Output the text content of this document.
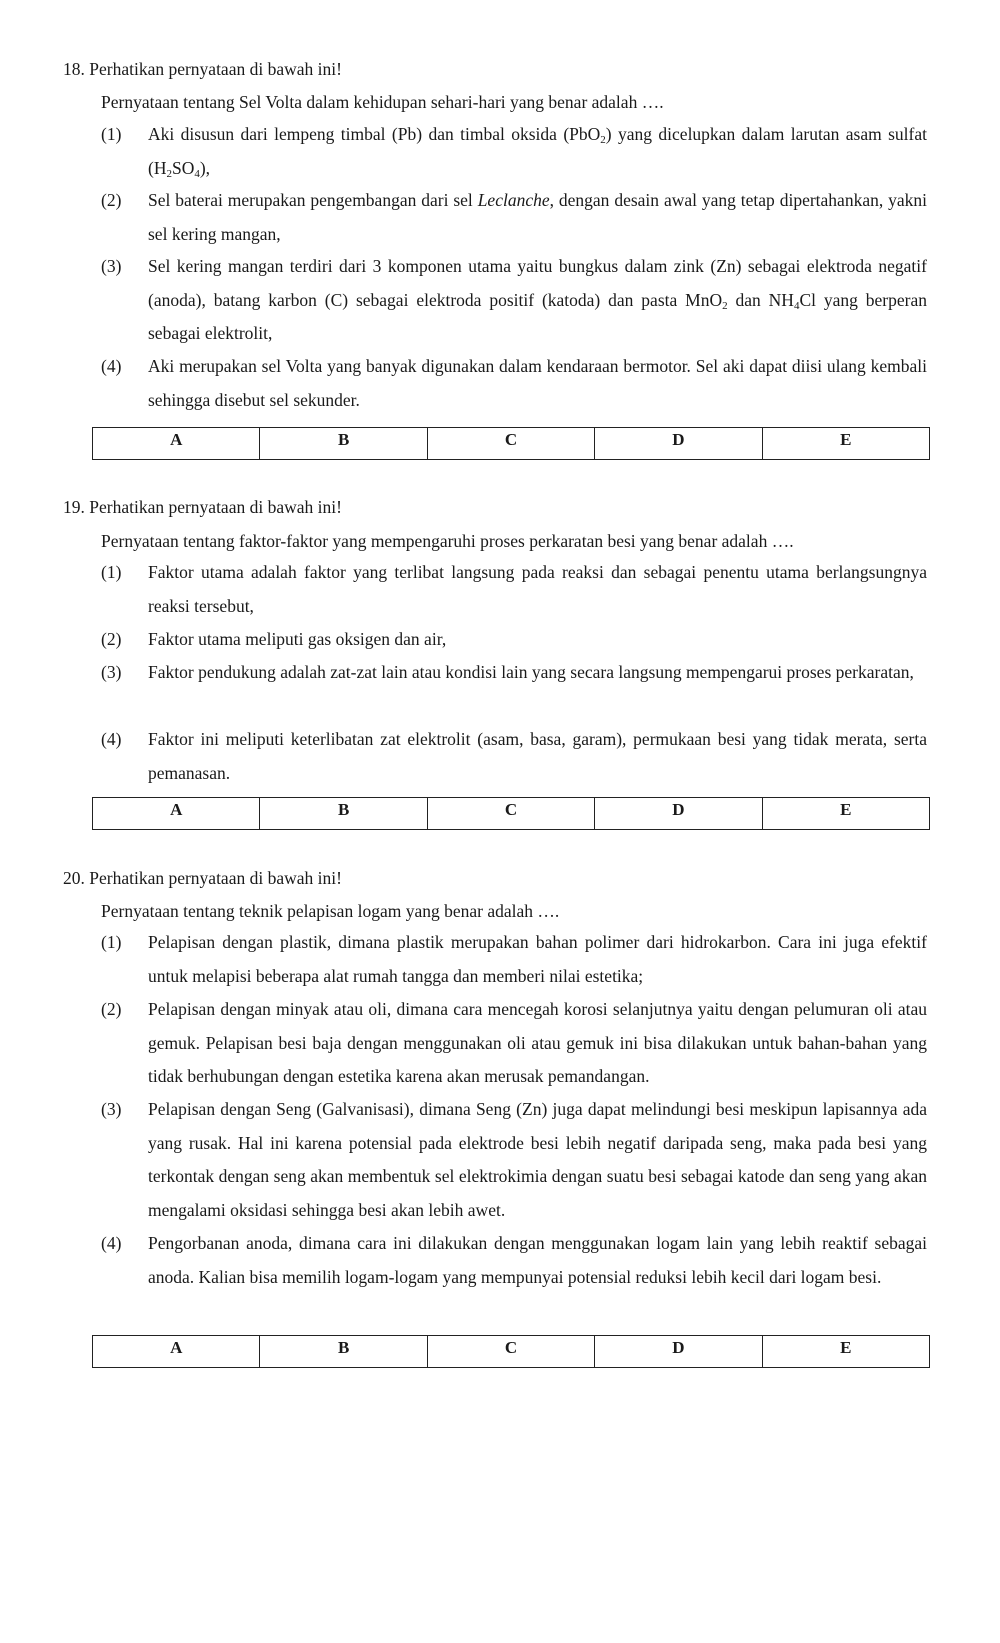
18. Perhatikan pernyataan di bawah ini!
Pernyataan tentang Sel Volta dalam kehidupan sehari-hari yang benar adalah ….
(1) Aki disusun dari lempeng timbal (Pb) dan timbal oksida (PbO$_2$) yang dicelupkan dalam larutan asam sulfat $(H_2SO_4)$,
(2) Sel baterai merupakan pengembangan dari sel Leclanche, dengan desain awal yang tetap dipertahankan, yakni sel kering mangan,
(3) Sel kering mangan terdiri dari 3 komponen utama yaitu bungkus dalam zink (Zn) sebagai elektroda negatif (anoda), batang karbon (C) sebagai elektroda positif (katoda) dan pasta MnO$_2$ dan $NH_4Cl$ yang berperan sebagai elektrolit,
(4) Aki merupakan sel Volta yang banyak digunakan dalam kendaraan bermotor. Sel aki dapat diisi ulang kembali sehingga disebut sel sekunder.
A	B	C	D	E
19. Perhatikan pernyataan di bawah ini!
Pernyataan tentang faktor-faktor yang mempengaruhi proses perkaratan besi yang benar adalah ….
(1) Faktor utama adalah faktor yang terlibat langsung pada reaksi dan sebagai penentu utama berlangsungnya reaksi tersebut,
(2) Faktor utama meliputi gas oksigen dan air,
(3) Faktor pendukung adalah zat-zat lain atau kondisi lain yang secara langsung mempengarui proses perkaratan,
(4) Faktor ini meliputi keterlibatan zat elektrolit (asam, basa, garam), permukaan besi yang tidak merata, serta pemanasan.
A	B	C	D	E
20. Perhatikan pernyataan di bawah ini!
Pernyataan tentang teknik pelapisan logam yang benar adalah ….
(1) Pelapisan dengan plastik, dimana plastik merupakan bahan polimer dari hidrokarbon. Cara ini juga efektif untuk melapisi beberapa alat rumah tangga dan memberi nilai estetika;
(2) Pelapisan dengan minyak atau oli, dimana cara mencegah korosi selanjutnya yaitu dengan pelumuran oli atau gemuk. Pelapisan besi baja dengan menggunakan oli atau gemuk ini bisa dilakukan untuk bahan-bahan yang tidak berhubungan dengan estetika karena akan merusak pemandangan.
(3) Pelapisan dengan Seng (Galvanisasi), dimana Seng (Zn) juga dapat melindungi besi meskipun lapisannya ada yang rusak. Hal ini karena potensial pada elektrode besi lebih negatif daripada seng, maka pada besi yang terkontak dengan seng akan membentuk sel elektrokimia dengan suatu besi sebagai katode dan seng yang akan mengalami oksidasi sehingga besi akan lebih awet.
(4) Pengorbanan anoda, dimana cara ini dilakukan dengan menggunakan logam lain yang lebih reaktif sebagai anoda. Kalian bisa memilih logam-logam yang mempunyai potensial reduksi lebih kecil dari logam besi.
A	B	C	D	E
